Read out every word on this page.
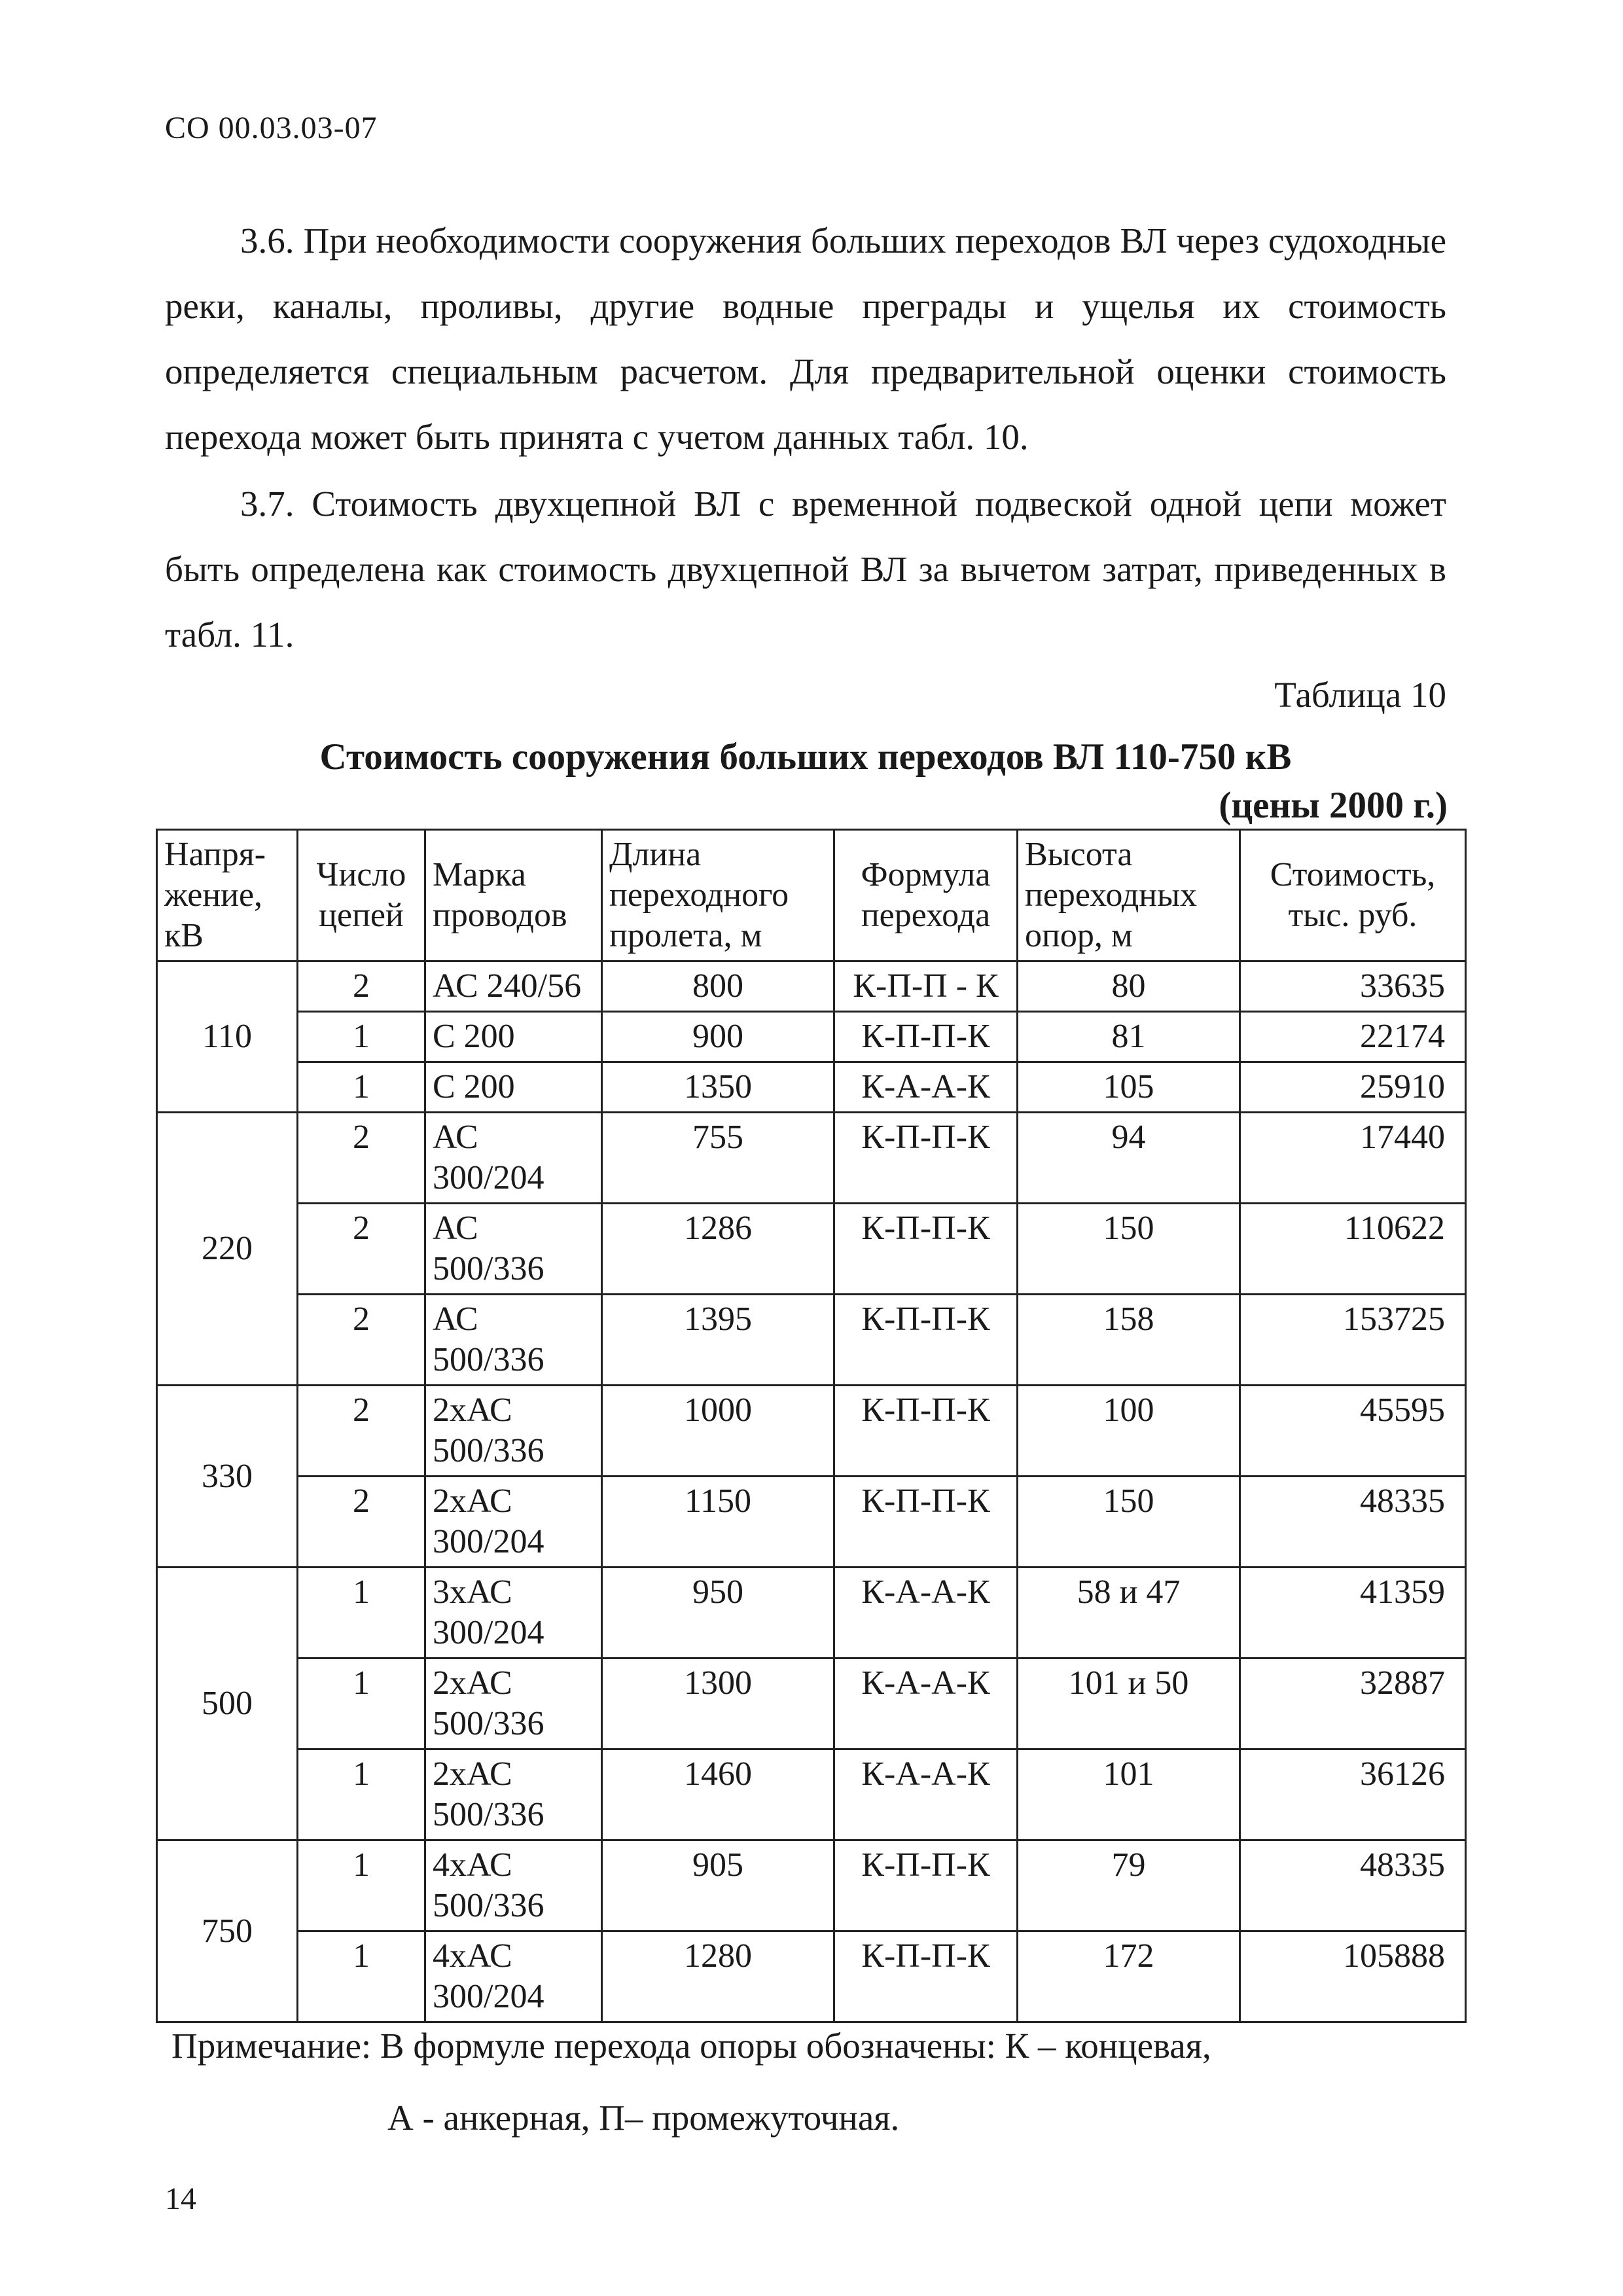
СО 00.03.03-07

3.6. При необходимости сооружения больших переходов ВЛ через судоходные реки, каналы, проливы, другие водные преграды и ущелья их стоимость определяется специальным расчетом. Для предварительной оценки стоимость перехода может быть принята с учетом данных табл. 10.

3.7. Стоимость двухцепной ВЛ с временной подвеской одной цепи может быть определена как стоимость двухцепной ВЛ за вычетом затрат, приведенных в табл. 11.

Таблица 10
Стоимость сооружения больших переходов ВЛ 110-750 кВ
(цены 2000 г.)
Напря-жение, кВ	Число цепей	Марка проводов	Длина переходного пролета, м	Формула перехода	Высота переходных опор, м	Стоимость, тыс. руб.
110	2	АС 240/56	800	К-П-П - К	80	33635
	1	С 200	900	К-П-П-К	81	22174
	1	С 200	1350	К-А-А-К	105	25910
220	2	АС 300/204	755	К-П-П-К	94	17440
	2	АС 500/336	1286	К-П-П-К	150	110622
	2	АС 500/336	1395	К-П-П-К	158	153725
330	2	2хАС 500/336	1000	К-П-П-К	100	45595
	2	2хАС 300/204	1150	К-П-П-К	150	48335
500	1	3хАС 300/204	950	К-А-А-К	58 и 47	41359
	1	2хАС 500/336	1300	К-А-А-К	101 и 50	32887
	1	2хАС 500/336	1460	К-А-А-К	101	36126
750	1	4хАС 500/336	905	К-П-П-К	79	48335
	1	4хАС 300/204	1280	К-П-П-К	172	105888
Примечание: В формуле перехода опоры обозначены: К – концевая,
А - анкерная, П– промежуточная.
14
